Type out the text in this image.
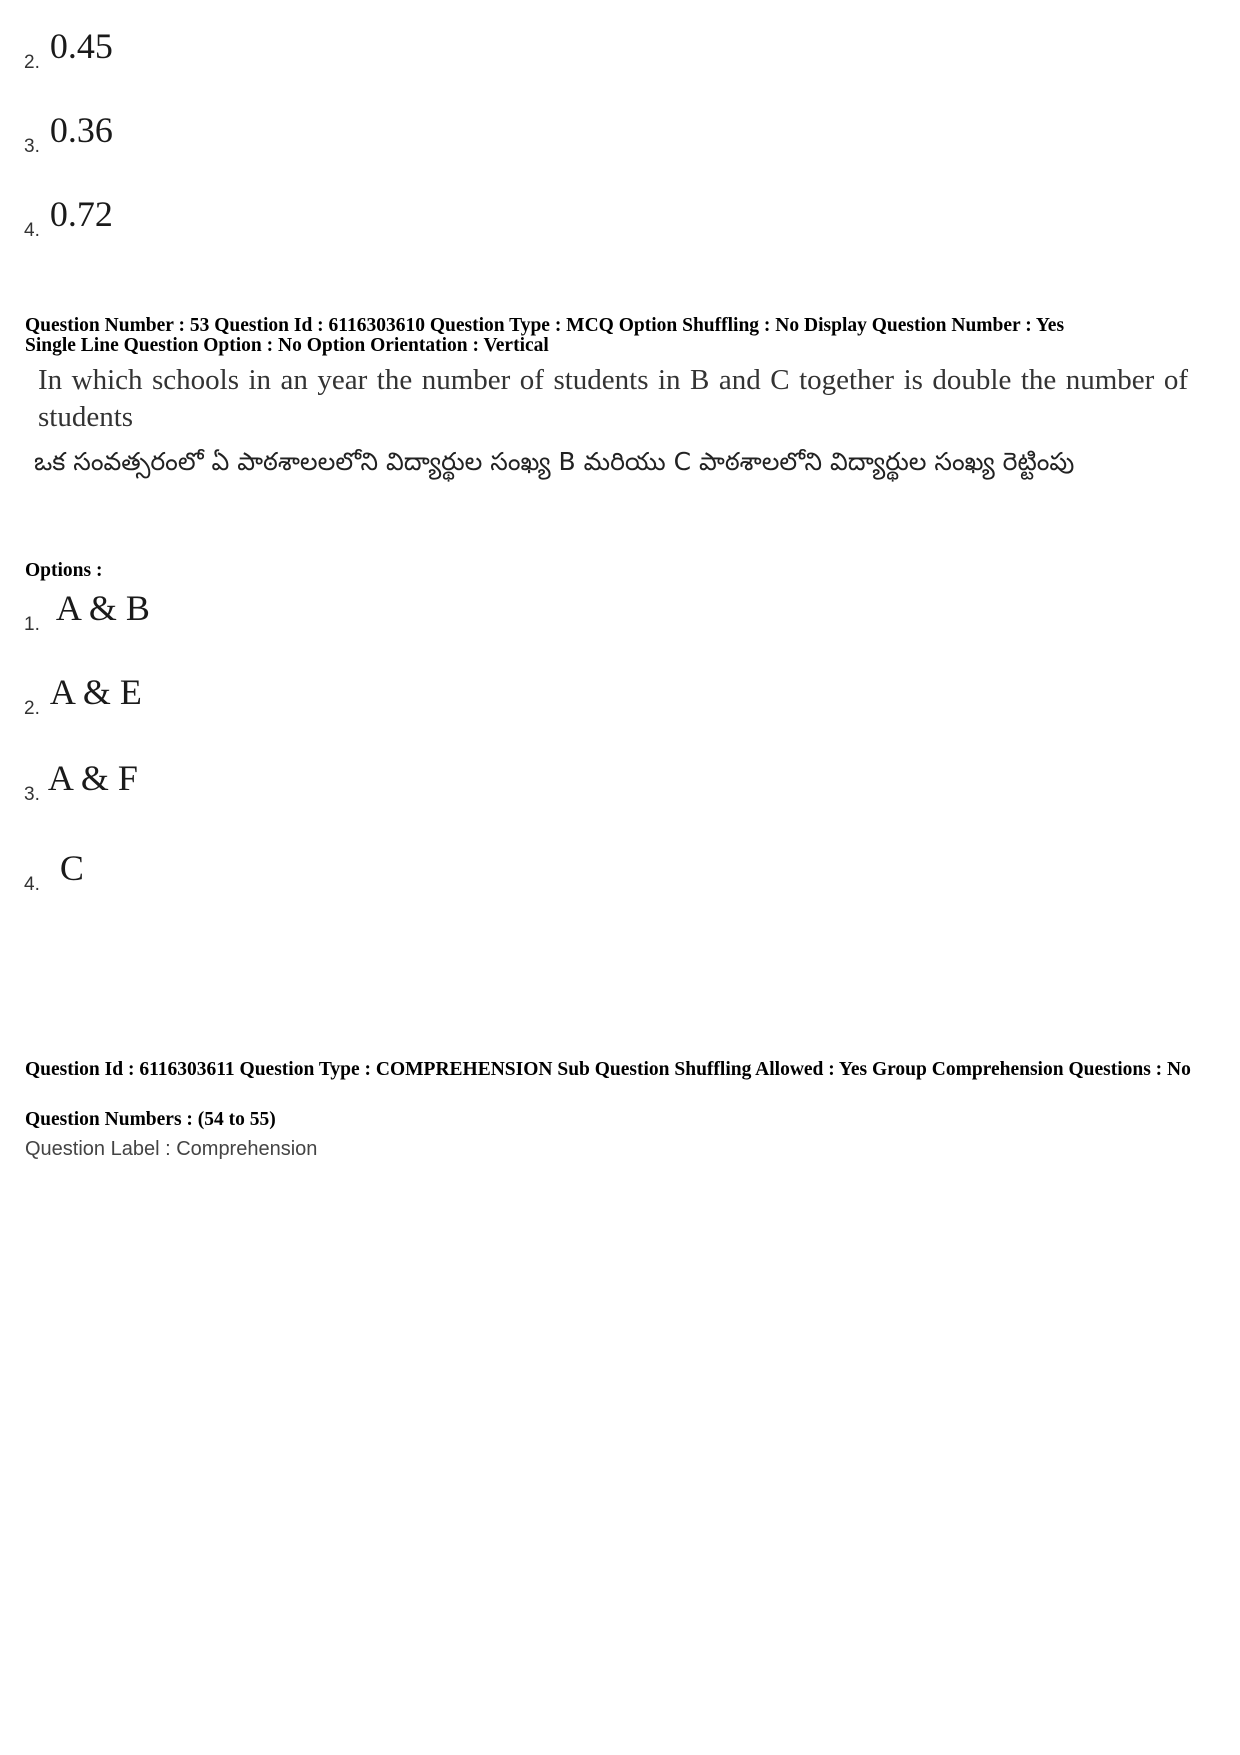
2. 0.45
3. 0.36
4. 0.72
Question Number : 53 Question Id : 6116303610 Question Type : MCQ Option Shuffling : No Display Question Number : Yes
Single Line Question Option : No Option Orientation : Vertical
In which schools in an year the number of students in B and C together is double the number of students
ఒక సంవత్సరంలో ఏ పాఠశాలలలోని విద్యార్థుల సంఖ్య B మరియు C పాఠశాలలోని విద్యార్థుల సంఖ్య రెట్టింపు
Options :
1. A & B
2. A & E
3. A & F
4. C
Question Id : 6116303611 Question Type : COMPREHENSION Sub Question Shuffling Allowed : Yes Group Comprehension Questions : No
Question Numbers : (54 to 55)
Question Label : Comprehension
